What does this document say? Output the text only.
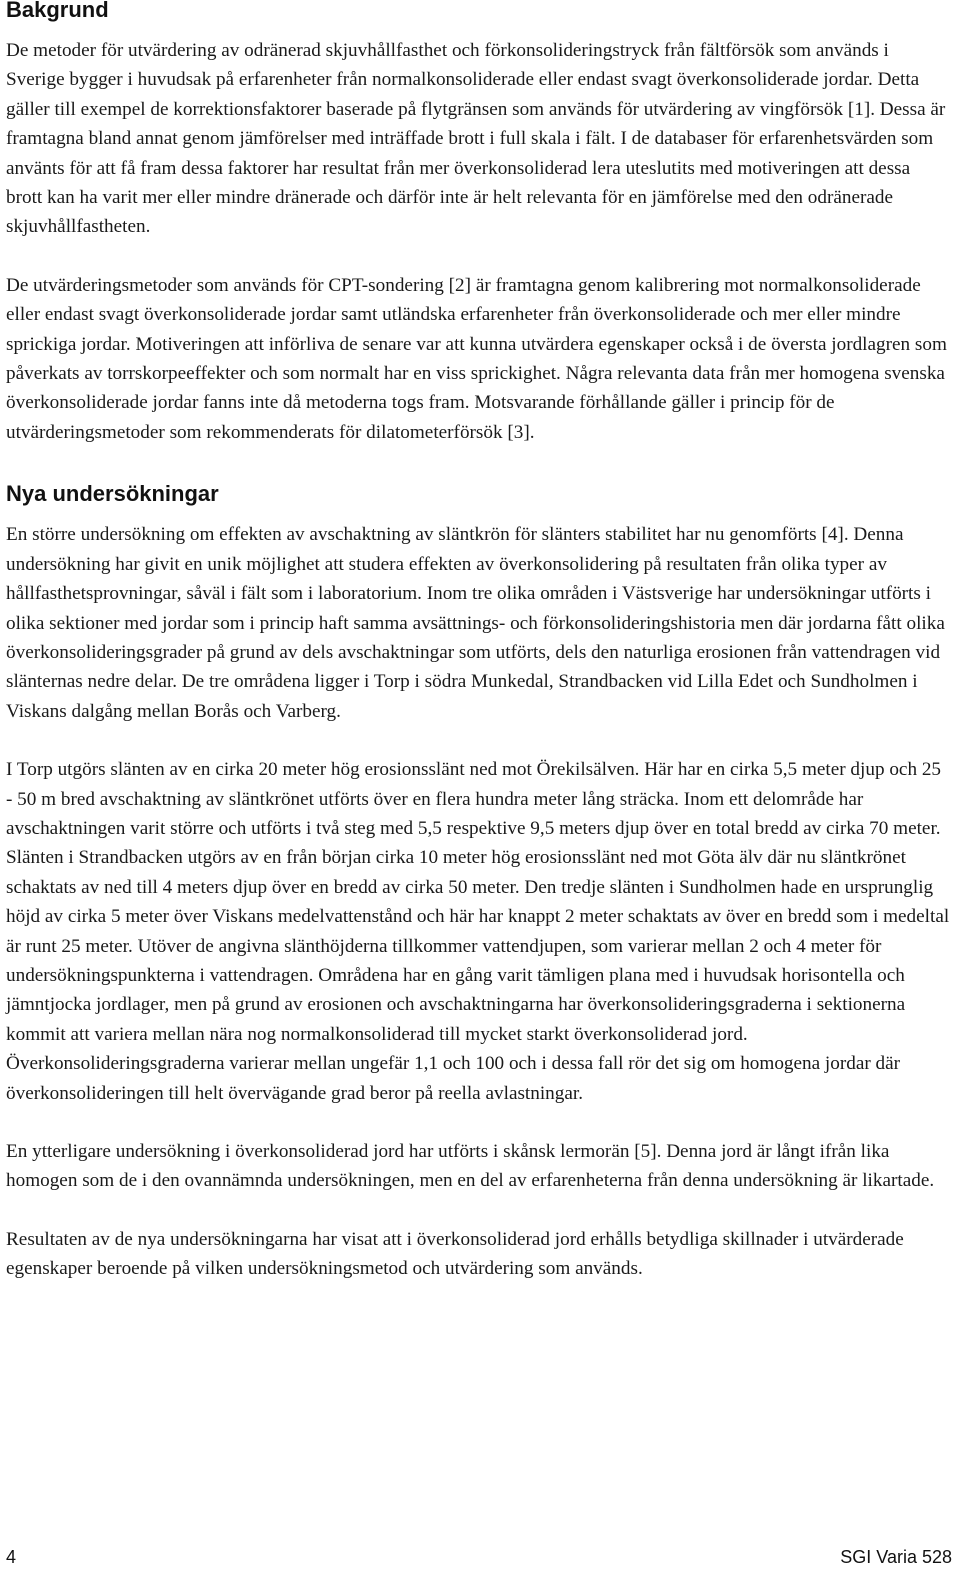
Bakgrund

De metoder för utvärdering av odränerad skjuvhållfasthet och förkonsolideringstryck från fältförsök som används i Sverige bygger i huvudsak på erfarenheter från normalkonsoliderade eller endast svagt överkonsoliderade jordar. Detta gäller till exempel de korrektionsfaktorer baserade på flytgränsen som används för utvärdering av vingförsök [1]. Dessa är framtagna bland annat genom jämförelser med inträffade brott i full skala i fält. I de databaser för erfarenhetsvärden som använts för att få fram dessa faktorer har resultat från mer överkonsoliderad lera uteslutits med motiveringen att dessa brott kan ha varit mer eller mindre dränerade och därför inte är helt relevanta för en jämförelse med den odränerade skjuvhållfastheten.

De utvärderingsmetoder som används för CPT-sondering [2] är framtagna genom kalibrering mot normalkonsoliderade eller endast svagt överkonsoliderade jordar samt utländska erfarenheter från överkonsoliderade och mer eller mindre sprickiga jordar. Motiveringen att införliva de senare var att kunna utvärdera egenskaper också i de översta jordlagren som påverkats av torrskorpeeffekter och som normalt har en viss sprickighet. Några relevanta data från mer homogena svenska överkonsoliderade jordar fanns inte då metoderna togs fram. Motsvarande förhållande gäller i princip för de utvärderingsmetoder som rekommenderats för dilatometerförsök [3].

Nya undersökningar

En större undersökning om effekten av avschaktning av släntkrön för slänters stabilitet har nu genomförts [4]. Denna undersökning har givit en unik möjlighet att studera effekten av överkonsolidering på resultaten från olika typer av hållfasthetsprovningar, såväl i fält som i laboratorium. Inom tre olika områden i Västsverige har undersökningar utförts i olika sektioner med jordar som i princip haft samma avsättnings- och förkonsolideringshistoria men där jordarna fått olika överkonsolideringsgrader på grund av dels avschaktningar som utförts, dels den naturliga erosionen från vattendragen vid slänternas nedre delar. De tre områdena ligger i Torp i södra Munkedal, Strandbacken vid Lilla Edet och Sundholmen i Viskans dalgång mellan Borås och Varberg.

I Torp utgörs slänten av en cirka 20 meter hög erosionsslänt ned mot Örekilsälven. Här har en cirka 5,5 meter djup och 25 - 50 m bred avschaktning av släntkrönet utförts över en flera hundra meter lång sträcka. Inom ett delområde har avschaktningen varit större och utförts i två steg med 5,5 respektive 9,5 meters djup över en total bredd av cirka 70 meter. Slänten i Strandbacken utgörs av en från början cirka 10 meter hög erosionsslänt ned mot Göta älv där nu släntkrönet schaktats av ned till 4 meters djup över en bredd av cirka 50 meter. Den tredje slänten i Sundholmen hade en ursprunglig höjd av cirka 5 meter över Viskans medelvattenstånd och här har knappt 2 meter schaktats av över en bredd som i medeltal är runt 25 meter. Utöver de angivna slänthöjderna tillkommer vattendjupen, som varierar mellan 2 och 4 meter för undersökningspunkterna i vattendragen. Områdena har en gång varit tämligen plana med i huvudsak horisontella och jämntjocka jordlager, men på grund av erosionen och avschaktningarna har överkonsolideringsgraderna i sektionerna kommit att variera mellan nära nog normalkonsoliderad till mycket starkt överkonsoliderad jord. Överkonsolideringsgraderna varierar mellan ungefär 1,1 och 100 och i dessa fall rör det sig om homogena jordar där överkonsolideringen till helt övervägande grad beror på reella avlastningar.

En ytterligare undersökning i överkonsoliderad jord har utförts i skånsk lermorän [5]. Denna jord är långt ifrån lika homogen som de i den ovannämnda undersökningen, men en del av erfarenheterna från denna undersökning är likartade.

Resultaten av de nya undersökningarna har visat att i överkonsoliderad jord erhålls betydliga skillnader i utvärderade egenskaper beroende på vilken undersökningsmetod och utvärdering som används.

4	SGI Varia 528
